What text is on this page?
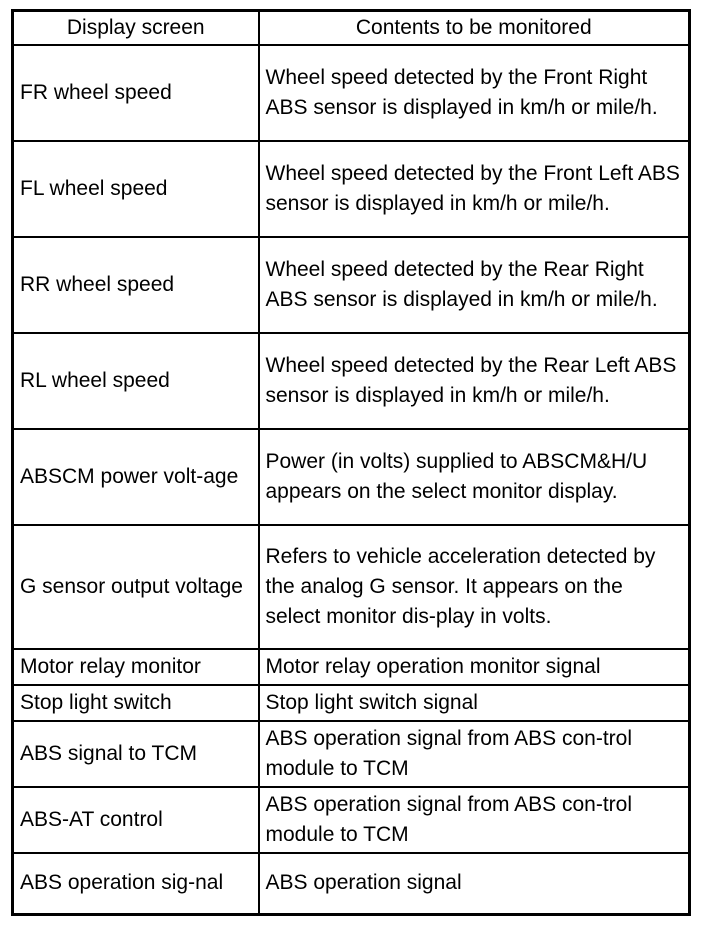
Display screen	Contents to be monitored
FR wheel speed	Wheel speed detected by the Front Right ABS sensor is displayed in km/h or mile/h.
FL wheel speed	Wheel speed detected by the Front Left ABS sensor is displayed in km/h or mile/h.
RR wheel speed	Wheel speed detected by the Rear Right ABS sensor is displayed in km/h or mile/h.
RL wheel speed	Wheel speed detected by the Rear Left ABS sensor is displayed in km/h or mile/h.
ABSCM power volt-age	Power (in volts) supplied to ABSCM&H/U appears on the select monitor display.
G sensor output voltage	Refers to vehicle acceleration detected by the analog G sensor. It appears on the select monitor dis-play in volts.
Motor relay monitor	Motor relay operation monitor signal
Stop light switch	Stop light switch signal
ABS signal to TCM	ABS operation signal from ABS con-trol module to TCM
ABS-AT control	ABS operation signal from ABS con-trol module to TCM
ABS operation sig-nal	ABS operation signal
